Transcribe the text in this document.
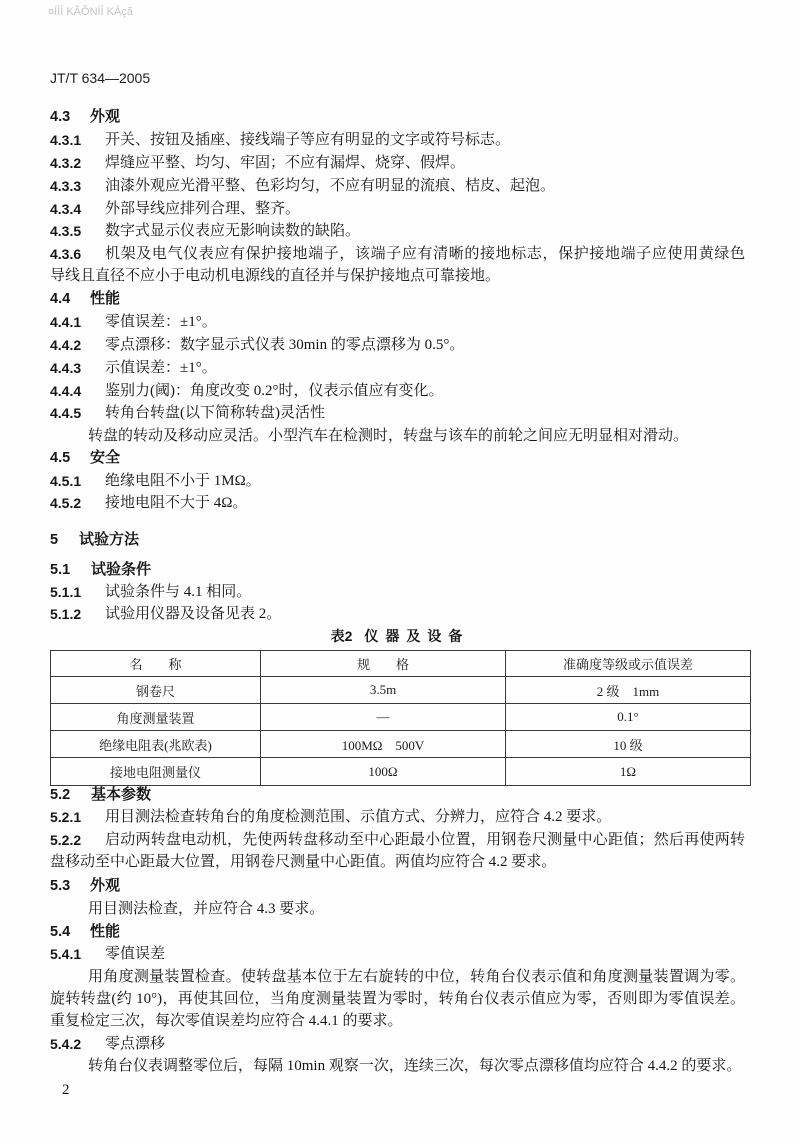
¤ÍÍÍ KÃÕNÏÍ KÀçã
JT/T 634—2005
4.3 外观
4.3.1 开关、按钮及插座、接线端子等应有明显的文字或符号标志。
4.3.2 焊缝应平整、均匀、牢固；不应有漏焊、烧穿、假焊。
4.3.3 油漆外观应光滑平整、色彩均匀，不应有明显的流痕、桔皮、起泡。
4.3.4 外部导线应排列合理、整齐。
4.3.5 数字式显示仪表应无影响读数的缺陷。
4.3.6 机架及电气仪表应有保护接地端子，该端子应有清晰的接地标志，保护接地端子应使用黄绿色
导线且直径不应小于电动机电源线的直径并与保护接地点可靠接地。
4.4 性能
4.4.1 零值误差：±1°。
4.4.2 零点漂移：数字显示式仪表 30min 的零点漂移为 0.5°。
4.4.3 示值误差：±1°。
4.4.4 鉴别力(阈)：角度改变 0.2°时，仪表示值应有变化。
4.4.5 转角台转盘(以下简称转盘)灵活性
转盘的转动及移动应灵活。小型汽车在检测时，转盘与该车的前轮之间应无明显相对滑动。
4.5 安全
4.5.1 绝缘电阻不小于 1MΩ。
4.5.2 接地电阻不大于 4Ω。
5 试验方法
5.1 试验条件
5.1.1 试验条件与 4.1 相同。
5.1.2 试验用仪器及设备见表 2。
表2 仪器及设备
名　　称	规　　格	准确度等级或示值误差
钢卷尺	3.5m	2 级　1mm
角度测量装置	—	0.1°
绝缘电阻表(兆欧表)	100MΩ　500V	10 级
接地电阻测量仪	100Ω	1Ω
5.2 基本参数
5.2.1 用目测法检查转角台的角度检测范围、示值方式、分辨力，应符合 4.2 要求。
5.2.2 启动两转盘电动机，先使两转盘移动至中心距最小位置，用钢卷尺测量中心距值；然后再使两转
盘移动至中心距最大位置，用钢卷尺测量中心距值。两值均应符合 4.2 要求。
5.3 外观
用目测法检查，并应符合 4.3 要求。
5.4 性能
5.4.1 零值误差
用角度测量装置检查。使转盘基本位于左右旋转的中位，转角台仪表示值和角度测量装置调为零。
旋转转盘(约 10°)，再使其回位，当角度测量装置为零时，转角台仪表示值应为零，否则即为零值误差。
重复检定三次，每次零值误差均应符合 4.4.1 的要求。
5.4.2 零点漂移
转角台仪表调整零位后，每隔 10min 观察一次，连续三次，每次零点漂移值均应符合 4.4.2 的要求。
2
